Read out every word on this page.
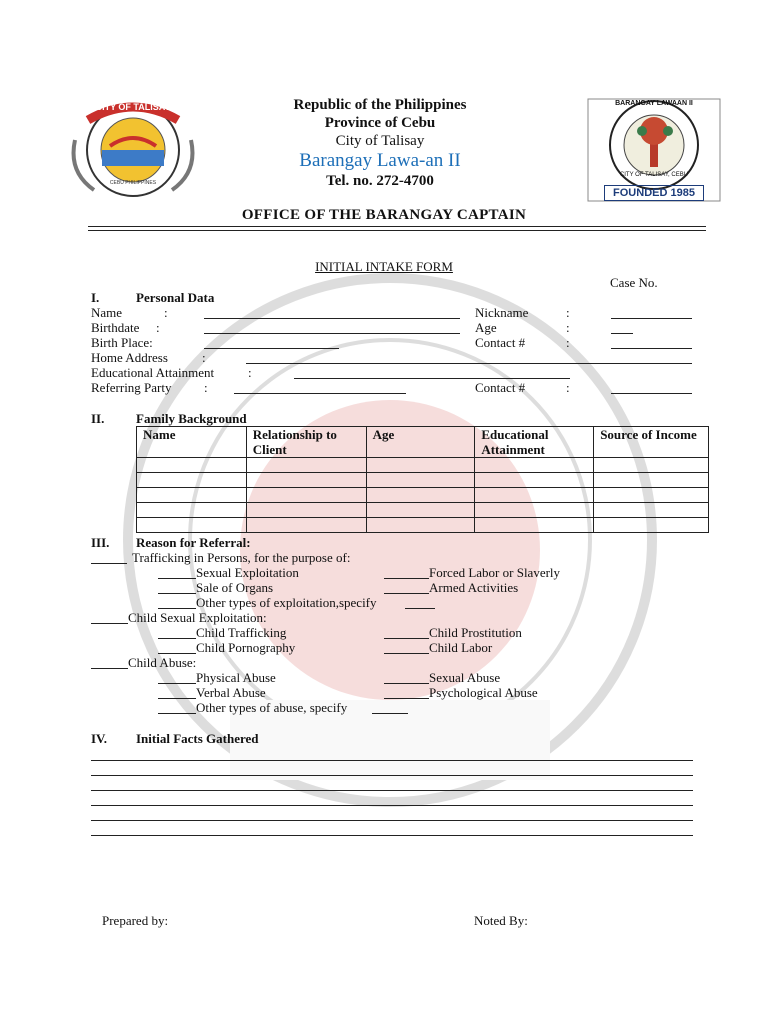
CITY OF TALISAY
CEBU PHILIPPINES
BARANGAY LAWAAN II
CITY OF TALISAY, CEBU
FOUNDED 1985
Republic of the Philippines
Province of Cebu
City of Talisay
Barangay Lawa-an II
Tel. no. 272-4700
OFFICE OF THE BARANGAY CAPTAIN
INITIAL INTAKE FORM
Case No.
I.	Personal Data
Name	:	Nickname	:
Birthdate :	Age	:
Birth Place:	Contact #	:
Home Address	:
Educational Attainment	:
Referring Party :	Contact #	:
II. Family Background
Name	Relationship to Client	Age	Educational Attainment	Source of Income

III. Reason for Referral:
Trafficking in Persons, for the purpose of:
Sexual Exploitation	Forced Labor or Slaverly
Sale of Organs	Armed Activities
Other types of exploitation,specify
Child Sexual Exploitation:
Child Trafficking	Child Prostitution
Child Pornography	Child Labor
Child Abuse:
Physical Abuse	Sexual Abuse
Verbal Abuse	Psychological Abuse
Other types of abuse, specify
IV. Initial Facts Gathered
Prepared by:	Noted By:
